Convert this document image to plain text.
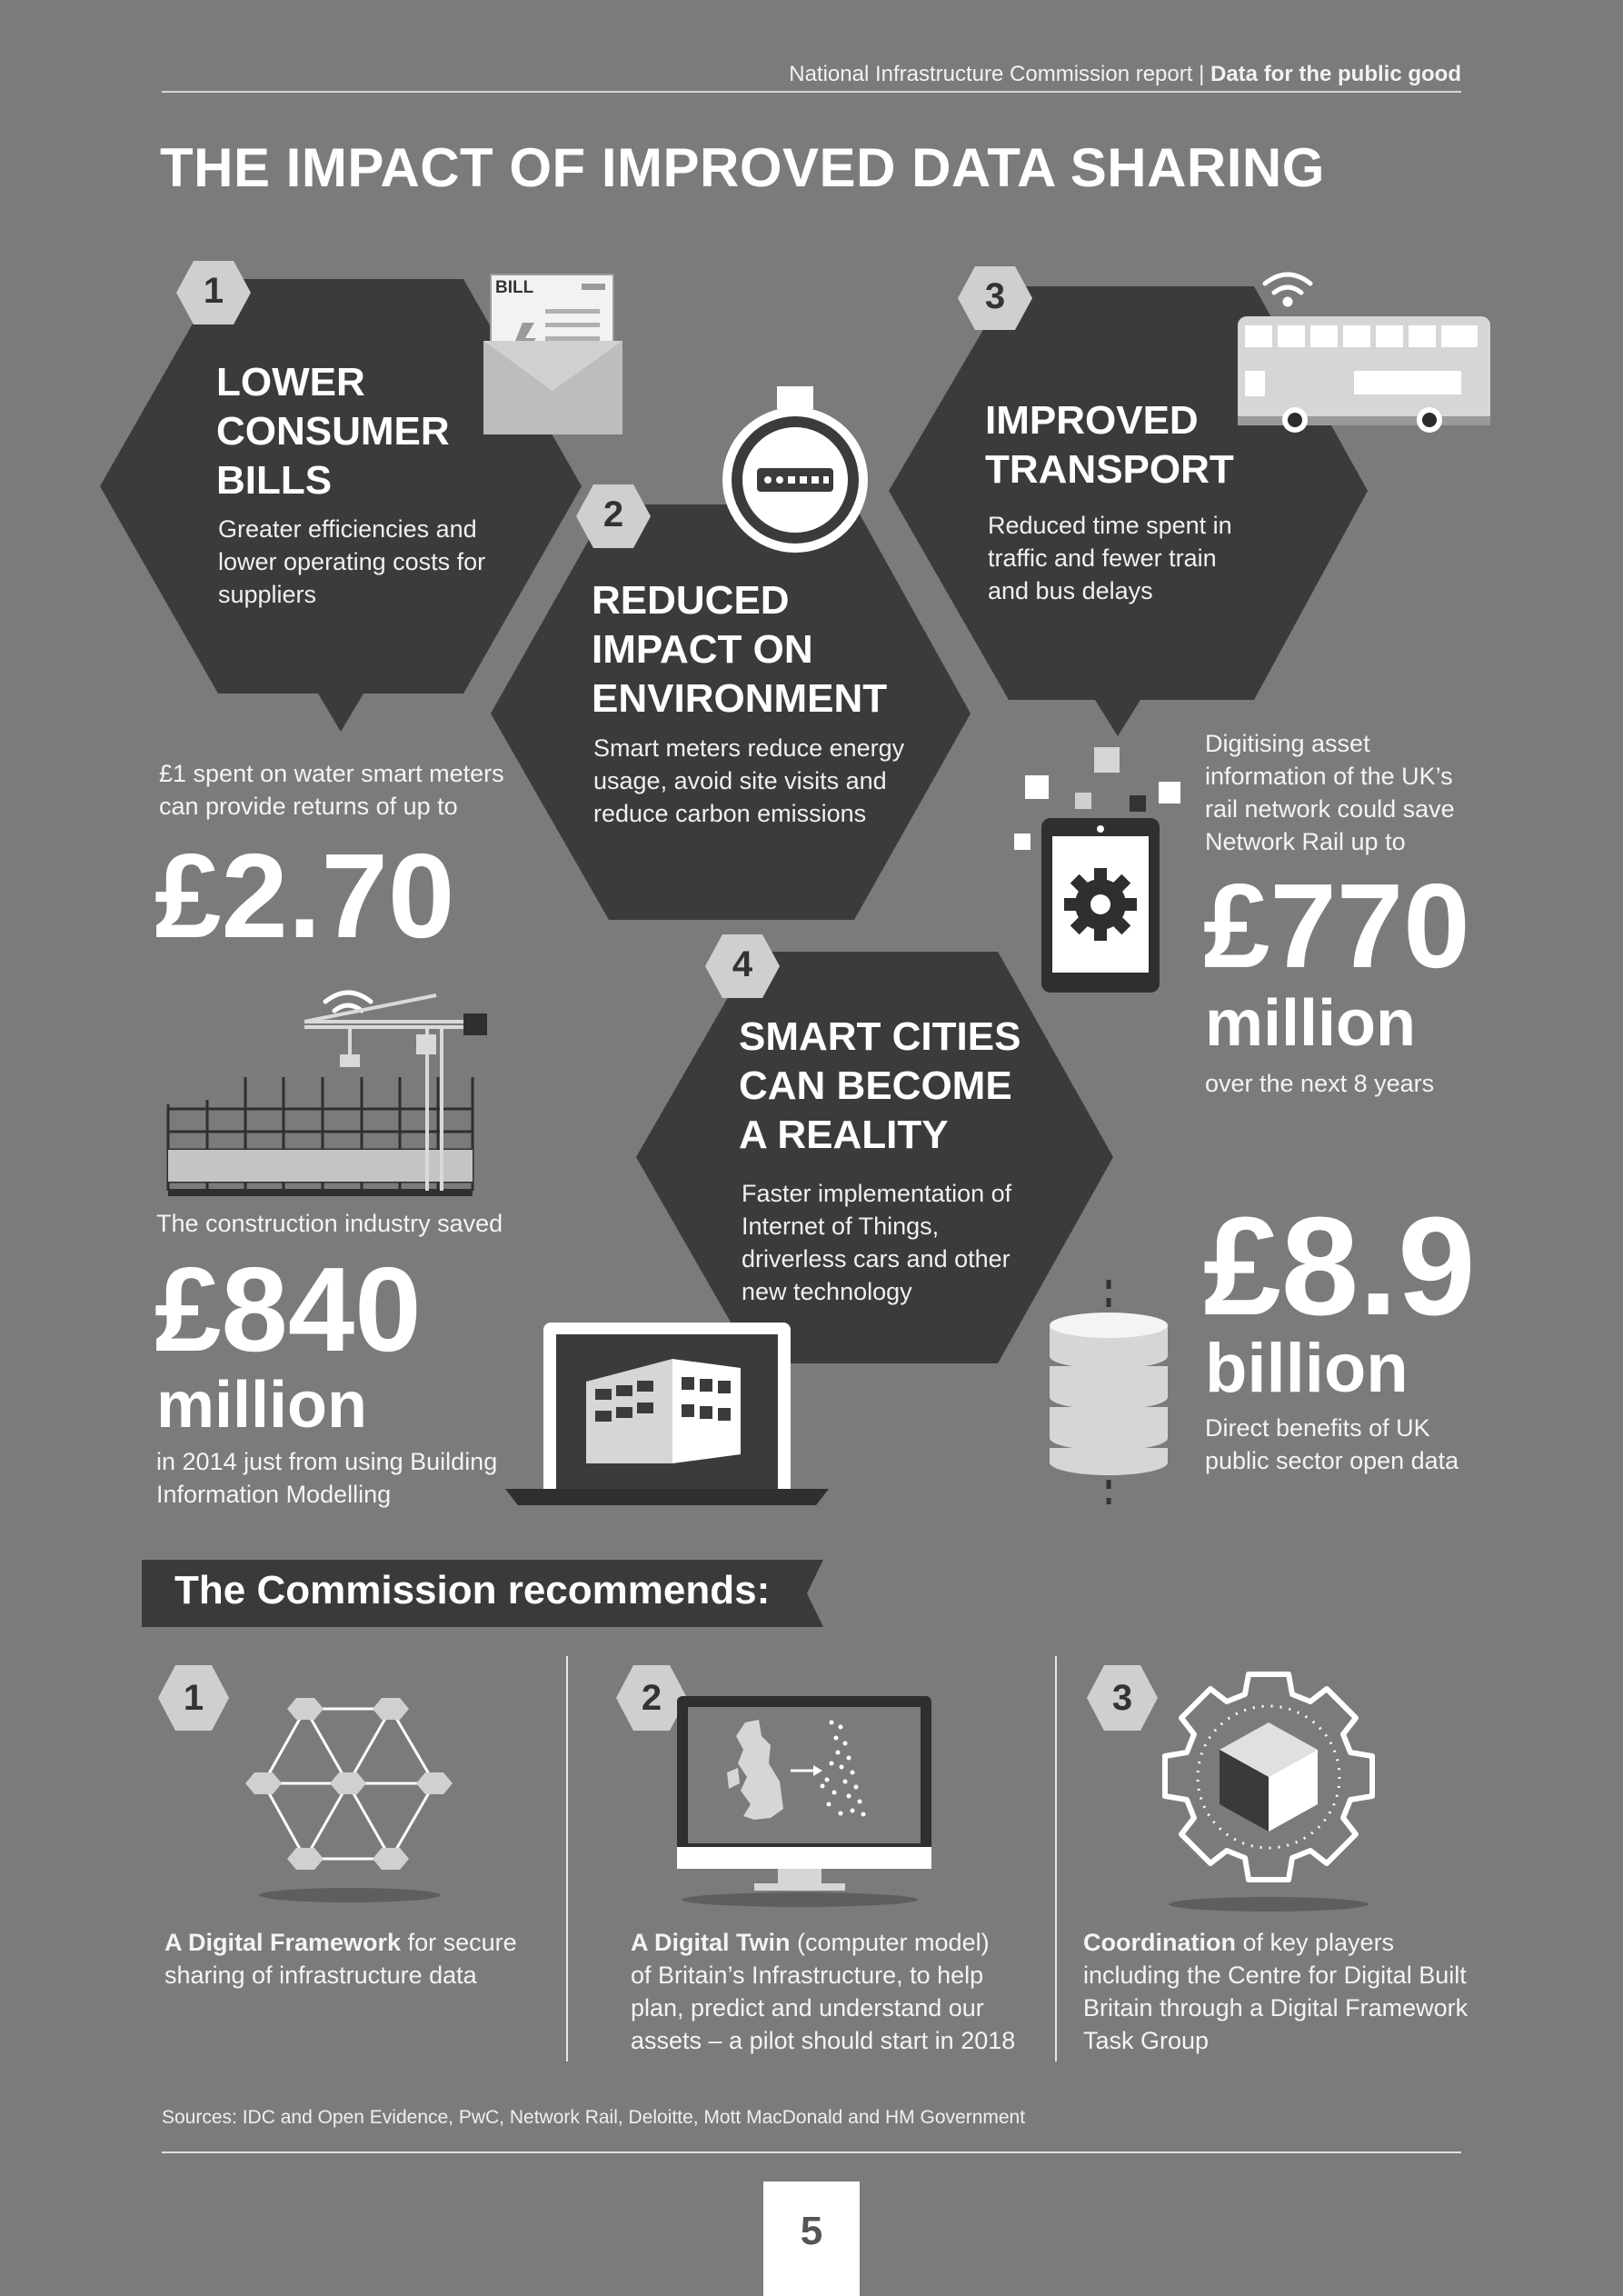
National Infrastructure Commission report | Data for the public good
THE IMPACT OF IMPROVED DATA SHARING
1
2
3
4
LOWER
CONSUMER
BILLS
Greater efficiencies and
lower operating costs for
suppliers
BILL
REDUCED
IMPACT ON
ENVIRONMENT
Smart meters reduce energy
usage, avoid site visits and
reduce carbon emissions
IMPROVED
TRANSPORT
Reduced time spent in
traffic and fewer train
and bus delays
SMART CITIES
CAN BECOME
A REALITY
Faster implementation of
Internet of Things,
driverless cars and other
new technology
£1 spent on water smart meters
can provide returns of up to
£2.70
Digitising asset
information of the UK’s
rail network could save
Network Rail up to
£770
million
over the next 8 years
The construction industry saved
£840
million
in 2014 just from using Building
Information Modelling
£8.9
billion
Direct benefits of UK
public sector open data
The Commission recommends:
1	2	3
A Digital Framework for secure
sharing of infrastructure data
A Digital Twin (computer model)
of Britain’s Infrastructure, to help
plan, predict and understand our
assets – a pilot should start in 2018
Coordination of key players
including the Centre for Digital Built
Britain through a Digital Framework
Task Group
Sources: IDC and Open Evidence, PwC, Network Rail, Deloitte, Mott MacDonald and HM Government
5
